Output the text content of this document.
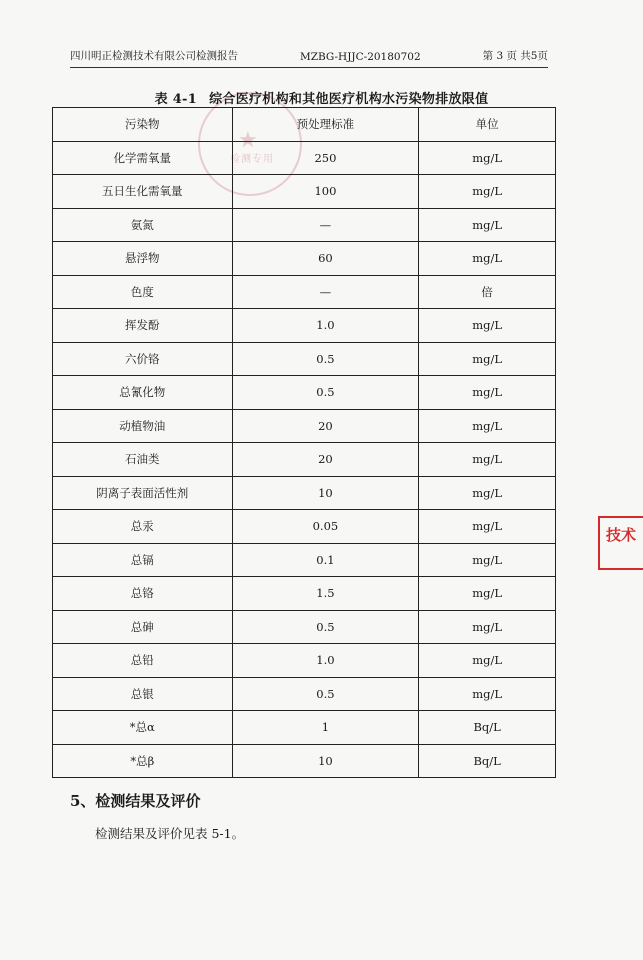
四川明正检测技术有限公司检测报告	MZBG-HJJC-20180702	第 3 页 共5页
★
检测专用
表 4-1 综合医疗机构和其他医疗机构水污染物排放限值
污染物	预处理标准	单位
化学需氧量	250	mg/L
五日生化需氧量	100	mg/L
氨氮	—	mg/L
悬浮物	60	mg/L
色度	—	倍
挥发酚	1.0	mg/L
六价铬	0.5	mg/L
总氰化物	0.5	mg/L
动植物油	20	mg/L
石油类	20	mg/L
阴离子表面活性剂	10	mg/L
总汞	0.05	mg/L
总镉	0.1	mg/L
总铬	1.5	mg/L
总砷	0.5	mg/L
总铅	1.0	mg/L
总银	0.5	mg/L
*总α	1	Bq/L
*总β	10	Bq/L
5、检测结果及评价
检测结果及评价见表 5-1。
技术
